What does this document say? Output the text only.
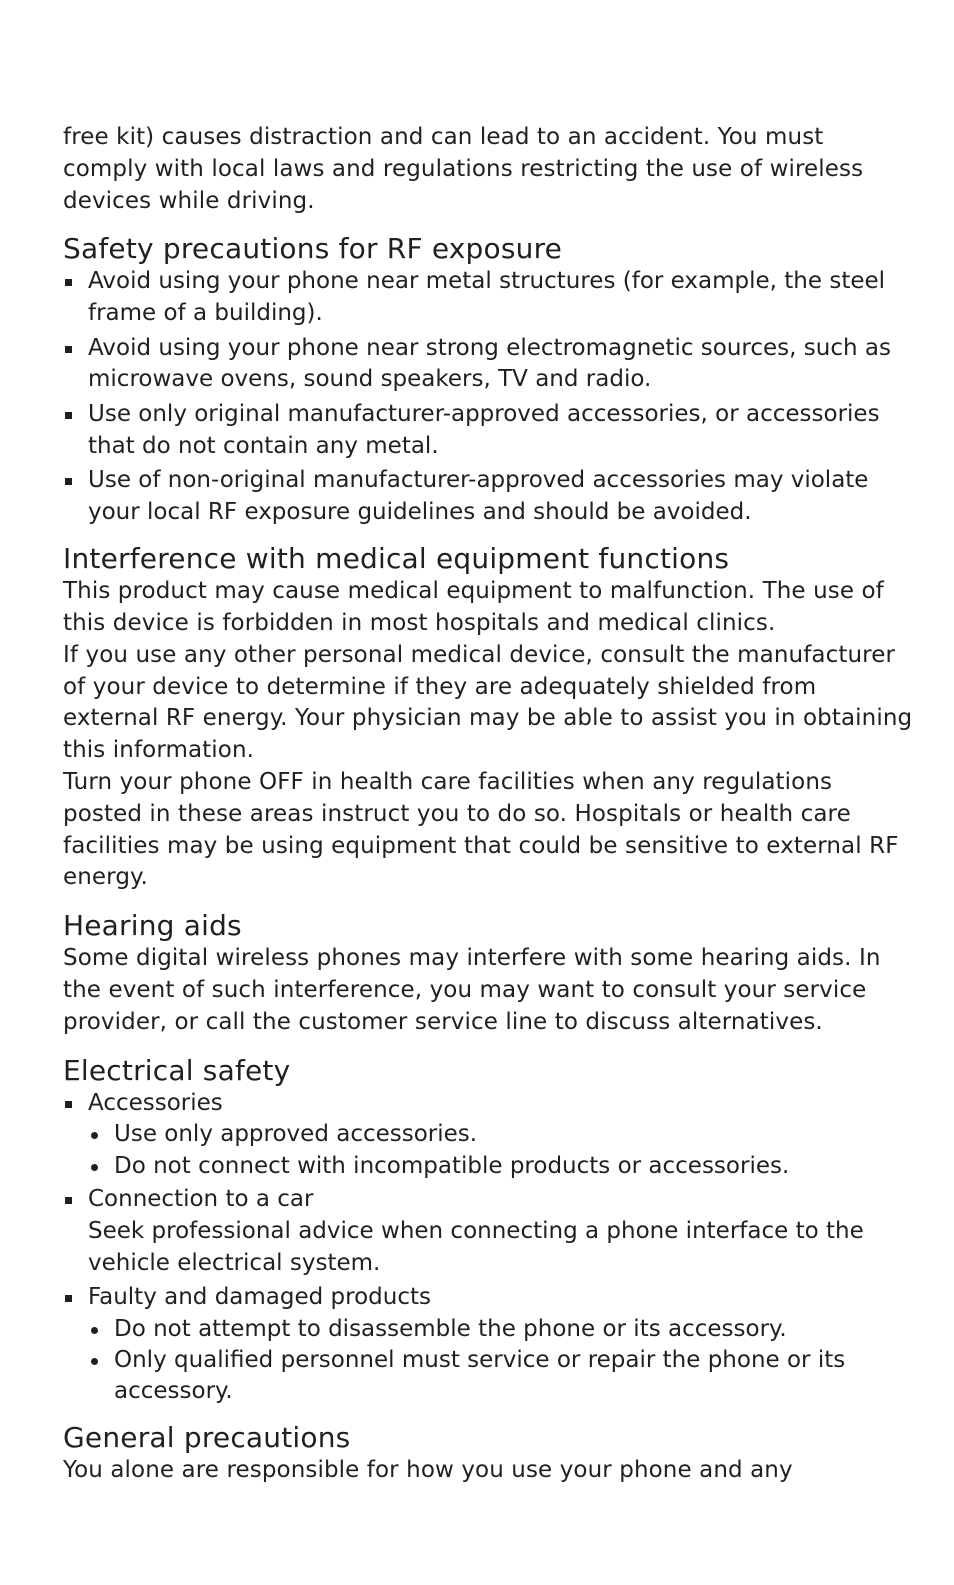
free kit) causes distraction and can lead to an accident. You must comply with local laws and regulations restricting the use of wireless devices while driving.

Safety precautions for RF exposure
Avoid using your phone near metal structures (for example, the steel frame of a building).
Avoid using your phone near strong electromagnetic sources, such as microwave ovens, sound speakers, TV and radio.
Use only original manufacturer-approved accessories, or accessories that do not contain any metal.
Use of non-original manufacturer-approved accessories may violate your local RF exposure guidelines and should be avoided.
Interference with medical equipment functions

This product may cause medical equipment to malfunction. The use of this device is forbidden in most hospitals and medical clinics.

If you use any other personal medical device, consult the manufacturer of your device to determine if they are adequately shielded from external RF energy. Your physician may be able to assist you in obtaining this information.

Turn your phone OFF in health care facilities when any regulations posted in these areas instruct you to do so. Hospitals or health care facilities may be using equipment that could be sensitive to external RF energy.

Hearing aids

Some digital wireless phones may interfere with some hearing aids. In the event of such interference, you may want to consult your service provider, or call the customer service line to discuss alternatives.

Electrical safety
Accessories
Use only approved accessories.
Do not connect with incompatible products or accessories.
Connection to a car
Seek professional advice when connecting a phone interface to the vehicle electrical system.
Faulty and damaged products
Do not attempt to disassemble the phone or its accessory.
Only qualified personnel must service or repair the phone or its accessory.
General precautions

You alone are responsible for how you use your phone and any
